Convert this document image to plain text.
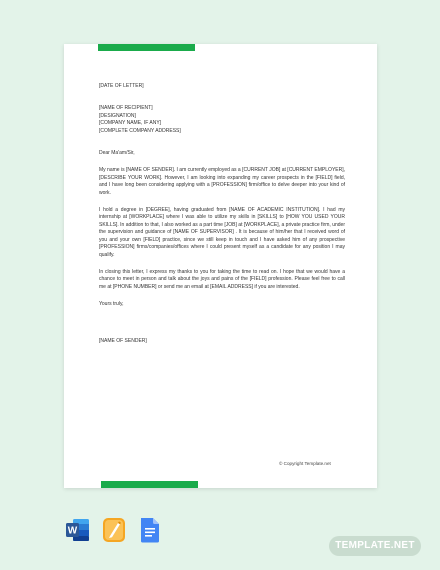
[DATE OF LETTER]

[NAME OF RECIPIENT]

[DESIGNATION]

[COMPANY NAME, IF ANY]

[COMPLETE COMPANY ADDRESS]

Dear Ma'am/Sir,

My name is [NAME OF SENDER]. I am currently employed as a [CURRENT JOB] at [CURRENT EMPLOYER], [DESCRIBE YOUR WORK]. However, I am looking into expanding my career prospects in the [FIELD] field, and I have long been considering applying with a [PROFESSION] firm/office to delve deeper into your kind of work.

I hold a degree in [DEGREE], having graduated from [NAME OF ACADEMIC INSTITUTION]. I had my internship at [WORKPLACE] where I was able to utilize my skills in [SKILLS] to [HOW YOU USED YOUR SKILLS]. In addition to that, I also worked as a part time [JOB] at [WORKPLACE], a private practice firm, under the supervision and guidance of [NAME OF SUPERVISOR] . It is because of him/her that I received word of you and your own [FIELD] practice, since we still keep in touch and I have asked him of any prospective [PROFESSION] firms/companies/offices where I could present myself as a candidate for any position I may qualify.

In closing this letter, I express my thanks to you for taking the time to read on. I hope that we would have a chance to meet in person and talk about the joys and pains of the [FIELD] profession. Please feel free to call me at [PHONE NUMBER] or send me an email at [EMAIL ADDRESS] if you are interested.

Yours truly,

[NAME OF SENDER]

© Copyright Template.net
W
TEMPLATE.NET
